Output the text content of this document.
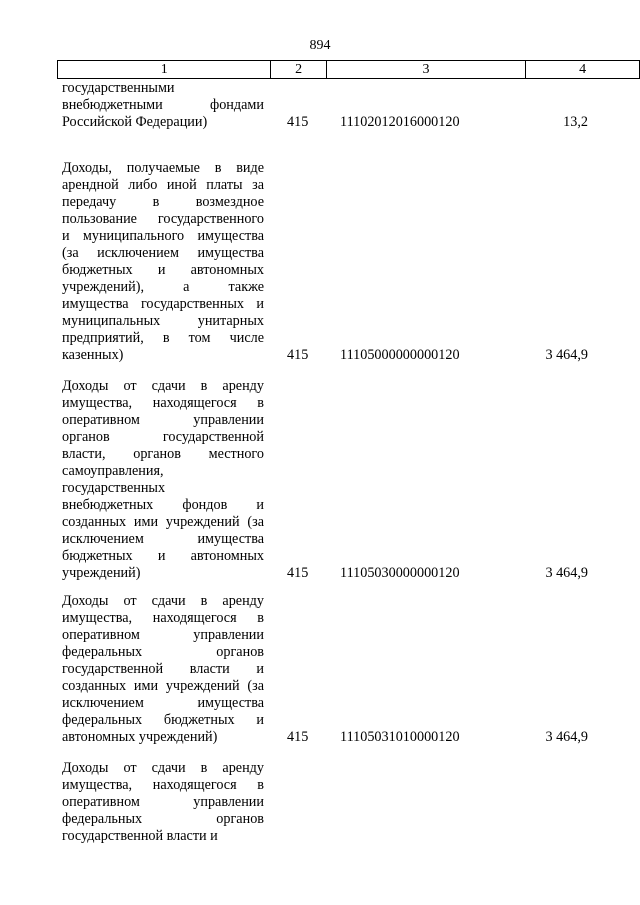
894
1	2	3	4
государственными
внебюджетными фондами
Российской Федерации)	415 11102012016000120	13,2
Доходы, получаемые в виде
арендной либо иной платы за
передачу в возмездное
пользование государственного
и муниципального имущества
(за исключением имущества
бюджетных и автономных
учреждений), а также
имущества государственных и
муниципальных унитарных
предприятий, в том числе
казенных)	415 11105000000000120	3 464,9
Доходы от сдачи в аренду
имущества, находящегося в
оперативном управлении
органов государственной
власти, органов местного
самоуправления,
государственных
внебюджетных фондов и
созданных ими учреждений (за
исключением имущества
бюджетных и автономных
учреждений)	415 11105030000000120	3 464,9
Доходы от сдачи в аренду
имущества, находящегося в
оперативном управлении
федеральных органов
государственной власти и
созданных ими учреждений (за
исключением имущества
федеральных бюджетных и
автономных учреждений)	415 11105031010000120	3 464,9
Доходы от сдачи в аренду
имущества, находящегося в
оперативном управлении
федеральных органов
государственной власти и
